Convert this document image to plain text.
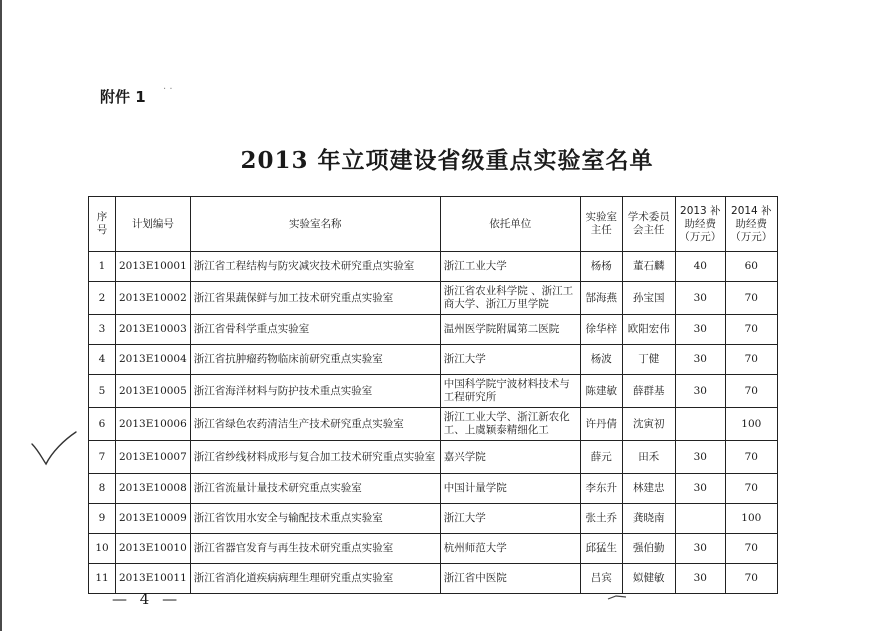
附件 1 · ·
2013 年立项建设省级重点实验室名单
序号	计划编号	实验室名称	依托单位	实验室主任	学术委员会主任	2013 补助经费（万元）	2014 补助经费（万元）
1	2013E10001	浙江省工程结构与防灾减灾技术研究重点实验室	浙江工业大学	杨杨	董石麟	40	60
2	2013E10002	浙江省果蔬保鲜与加工技术研究重点实验室	浙江省农业科学院 、浙江工商大学、浙江万里学院	郜海燕	孙宝国	30	70
3	2013E10003	浙江省骨科学重点实验室	温州医学院附属第二医院	徐华梓	欧阳宏伟	30	70
4	2013E10004	浙江省抗肿瘤药物临床前研究重点实验室	浙江大学	杨波	丁健	30	70
5	2013E10005	浙江省海洋材料与防护技术重点实验室	中国科学院宁波材料技术与工程研究所	陈建敏	薛群基	30	70
6	2013E10006	浙江省绿色农药清洁生产技术研究重点实验室	浙江工业大学、浙江新农化工、上虞颖泰精细化工	许丹倩	沈寅初		100
7	2013E10007	浙江省纱线材料成形与复合加工技术研究重点实验室	嘉兴学院	薛元	田禾	30	70
8	2013E10008	浙江省流量计量技术研究重点实验室	中国计量学院	李东升	林建忠	30	70
9	2013E10009	浙江省饮用水安全与输配技术重点实验室	浙江大学	张土乔	龚晓南		100
10	2013E10010	浙江省器官发育与再生技术研究重点实验室	杭州师范大学	邱猛生	强伯勤	30	70
11	2013E10011	浙江省消化道疾病病理生理研究重点实验室	浙江省中医院	吕宾	姒健敏	30	70
— 4 —
